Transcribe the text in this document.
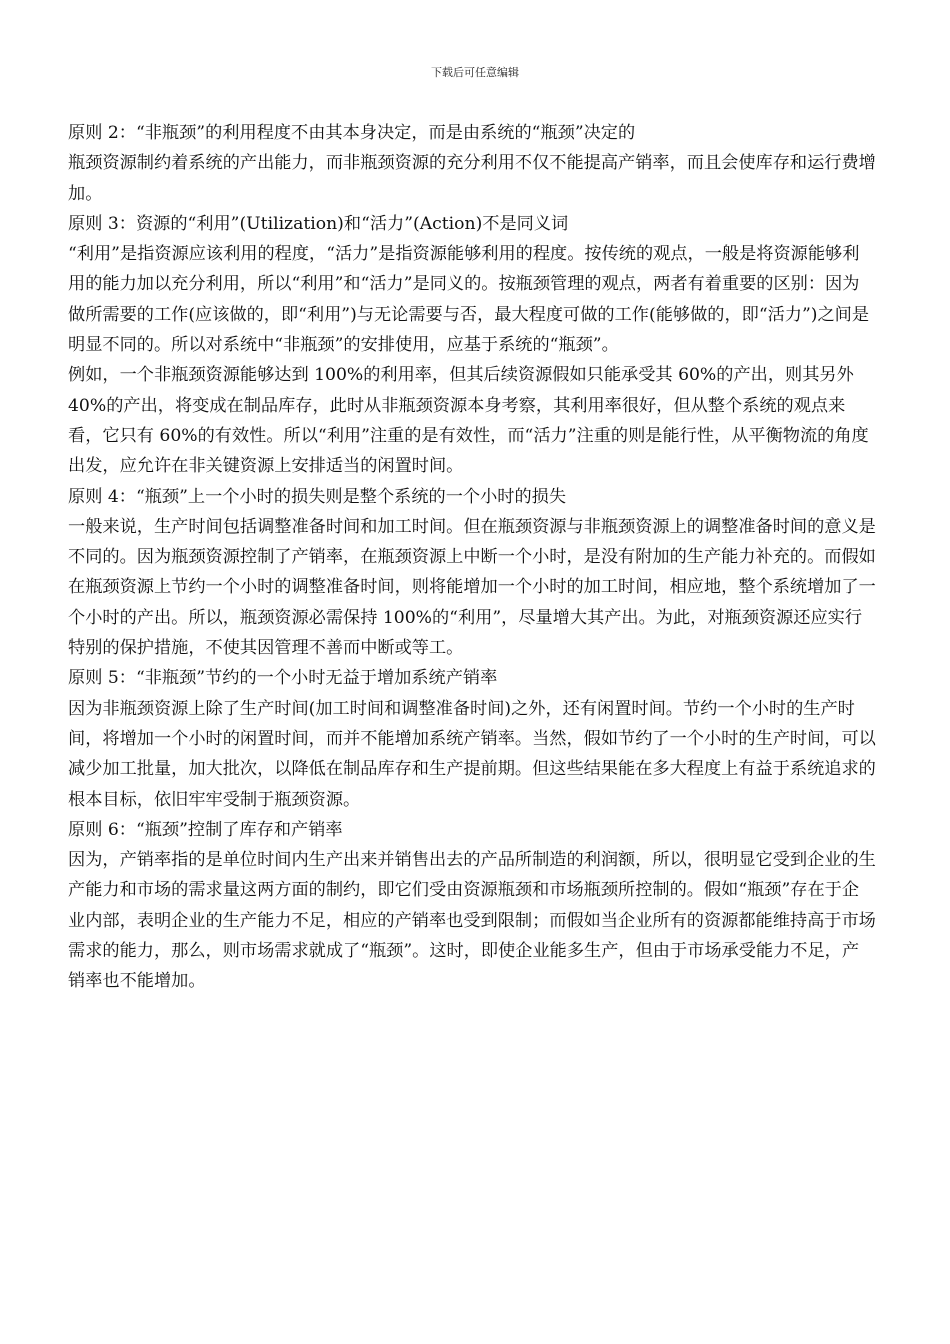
下载后可任意编辑

原则 2：“非瓶颈”的利用程度不由其本身决定，而是由系统的“瓶颈”决定的

瓶颈资源制约着系统的产出能力，而非瓶颈资源的充分利用不仅不能提高产销率，而且会使库存和运行费增加。

原则 3：资源的“利用”(Utilization)和“活力”(Action)不是同义词

“利用”是指资源应该利用的程度，“活力”是指资源能够利用的程度。按传统的观点，一般是将资源能够利用的能力加以充分利用，所以“利用”和“活力”是同义的。按瓶颈管理的观点，两者有着重要的区别：因为做所需要的工作(应该做的，即“利用”)与无论需要与否，最大程度可做的工作(能够做的，即“活力”)之间是明显不同的。所以对系统中“非瓶颈”的安排使用，应基于系统的“瓶颈”。

例如，一个非瓶颈资源能够达到 100%的利用率，但其后续资源假如只能承受其 60%的产出，则其另外 40%的产出，将变成在制品库存，此时从非瓶颈资源本身考察，其利用率很好，但从整个系统的观点来看，它只有 60%的有效性。所以“利用”注重的是有效性，而“活力”注重的则是能行性，从平衡物流的角度出发，应允许在非关键资源上安排适当的闲置时间。

原则 4：“瓶颈”上一个小时的损失则是整个系统的一个小时的损失

一般来说，生产时间包括调整准备时间和加工时间。但在瓶颈资源与非瓶颈资源上的调整准备时间的意义是不同的。因为瓶颈资源控制了产销率，在瓶颈资源上中断一个小时，是没有附加的生产能力补充的。而假如在瓶颈资源上节约一个小时的调整准备时间，则将能增加一个小时的加工时间，相应地，整个系统增加了一个小时的产出。所以，瓶颈资源必需保持 100%的“利用”，尽量增大其产出。为此，对瓶颈资源还应实行特别的保护措施，不使其因管理不善而中断或等工。

原则 5：“非瓶颈”节约的一个小时无益于增加系统产销率

因为非瓶颈资源上除了生产时间(加工时间和调整准备时间)之外，还有闲置时间。节约一个小时的生产时间，将增加一个小时的闲置时间，而并不能增加系统产销率。当然，假如节约了一个小时的生产时间，可以减少加工批量，加大批次，以降低在制品库存和生产提前期。但这些结果能在多大程度上有益于系统追求的根本目标，依旧牢牢受制于瓶颈资源。

原则 6：“瓶颈”控制了库存和产销率

因为，产销率指的是单位时间内生产出来并销售出去的产品所制造的利润额，所以，很明显它受到企业的生产能力和市场的需求量这两方面的制约，即它们受由资源瓶颈和市场瓶颈所控制的。假如“瓶颈”存在于企业内部，表明企业的生产能力不足，相应的产销率也受到限制；而假如当企业所有的资源都能维持高于市场需求的能力，那么，则市场需求就成了“瓶颈”。这时，即使企业能多生产，但由于市场承受能力不足，产销率也不能增加。
